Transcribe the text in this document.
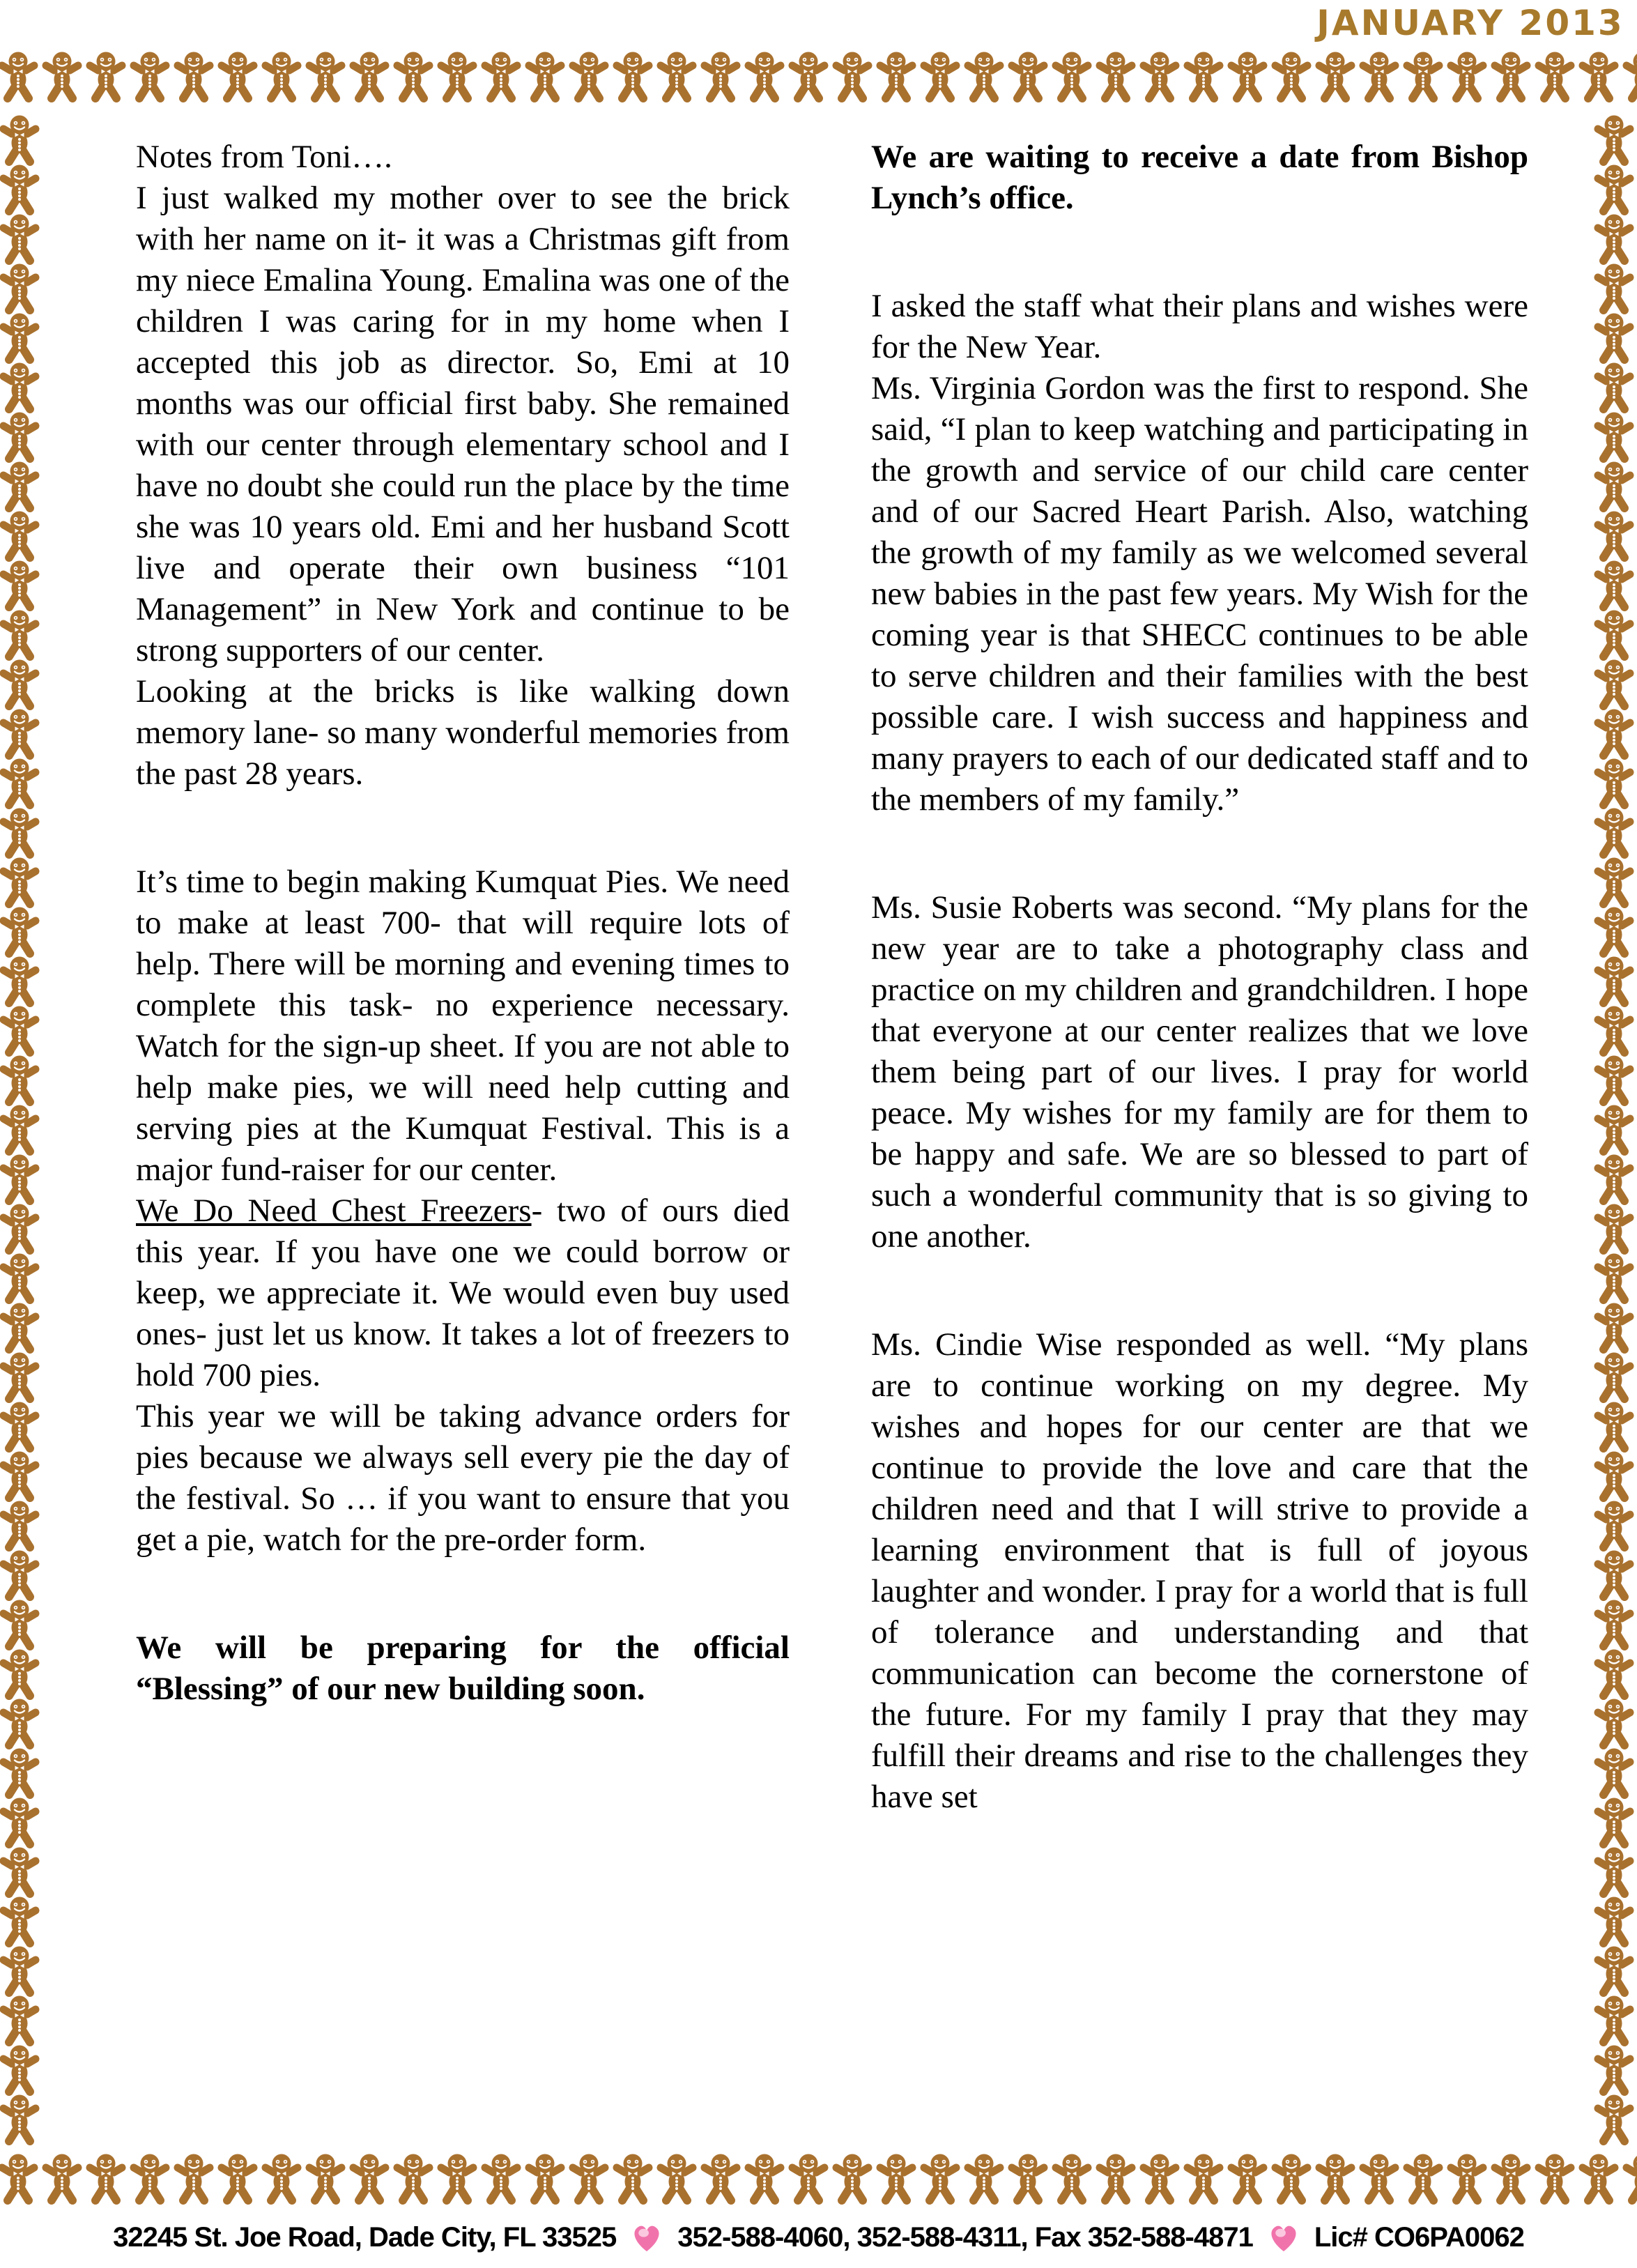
JANUARY 2013

Notes from Toni….

I just walked my mother over to see the brick with her name on it- it was a Christmas gift from my niece Emalina Young. Emalina was one of the children I was caring for in my home when I accepted this job as director. So, Emi at 10 months was our official first baby. She remained with our center through elementary school and I have no doubt she could run the place by the time she was 10 years old. Emi and her husband Scott live and operate their own business “101 Management” in New York and continue to be strong supporters of our center.

Looking at the bricks is like walking down memory lane- so many wonderful memories from the past 28 years.

It’s time to begin making Kumquat Pies. We need to make at least 700- that will require lots of help. There will be morning and evening times to complete this task- no experience necessary. Watch for the sign-up sheet. If you are not able to help make pies, we will need help cutting and serving pies at the Kumquat Festival. This is a major fund-raiser for our center.

We Do Need Chest Freezers- two of ours died this year. If you have one we could borrow or keep, we appreciate it. We would even buy used ones- just let us know. It takes a lot of freezers to hold 700 pies.

This year we will be taking advance orders for pies because we always sell every pie the day of the festival. So … if you want to ensure that you get a pie, watch for the pre-order form.

We will be preparing for the official “Blessing” of our new building soon.

We are waiting to receive a date from Bishop Lynch’s office.

I asked the staff what their plans and wishes were for the New Year.

Ms. Virginia Gordon was the first to respond. She said, “I plan to keep watching and participating in the growth and service of our child care center and of our Sacred Heart Parish. Also, watching the growth of my family as we welcomed several new babies in the past few years. My Wish for the coming year is that SHECC continues to be able to serve children and their families with the best possible care. I wish success and happiness and many prayers to each of our dedicated staff and to the members of my family.”

Ms. Susie Roberts was second. “My plans for the new year are to take a photography class and practice on my children and grandchildren. I hope that everyone at our center realizes that we love them being part of our lives. I pray for world peace. My wishes for my family are for them to be happy and safe. We are so blessed to part of such a wonderful community that is so giving to one another.

Ms. Cindie Wise responded as well. “My plans are to continue working on my degree. My wishes and hopes for our center are that we continue to provide the love and care that the children need and that I will strive to provide a learning environment that is full of joyous laughter and wonder. I pray for a world that is full of tolerance and understanding and that communication can become the cornerstone of the future. For my family I pray that they may fulfill their dreams and rise to the challenges they have set

32245 St. Joe Road, Dade City, FL 33525 352-588-4060, 352-588-4311, Fax 352-588-4871 Lic# CO6PA0062
